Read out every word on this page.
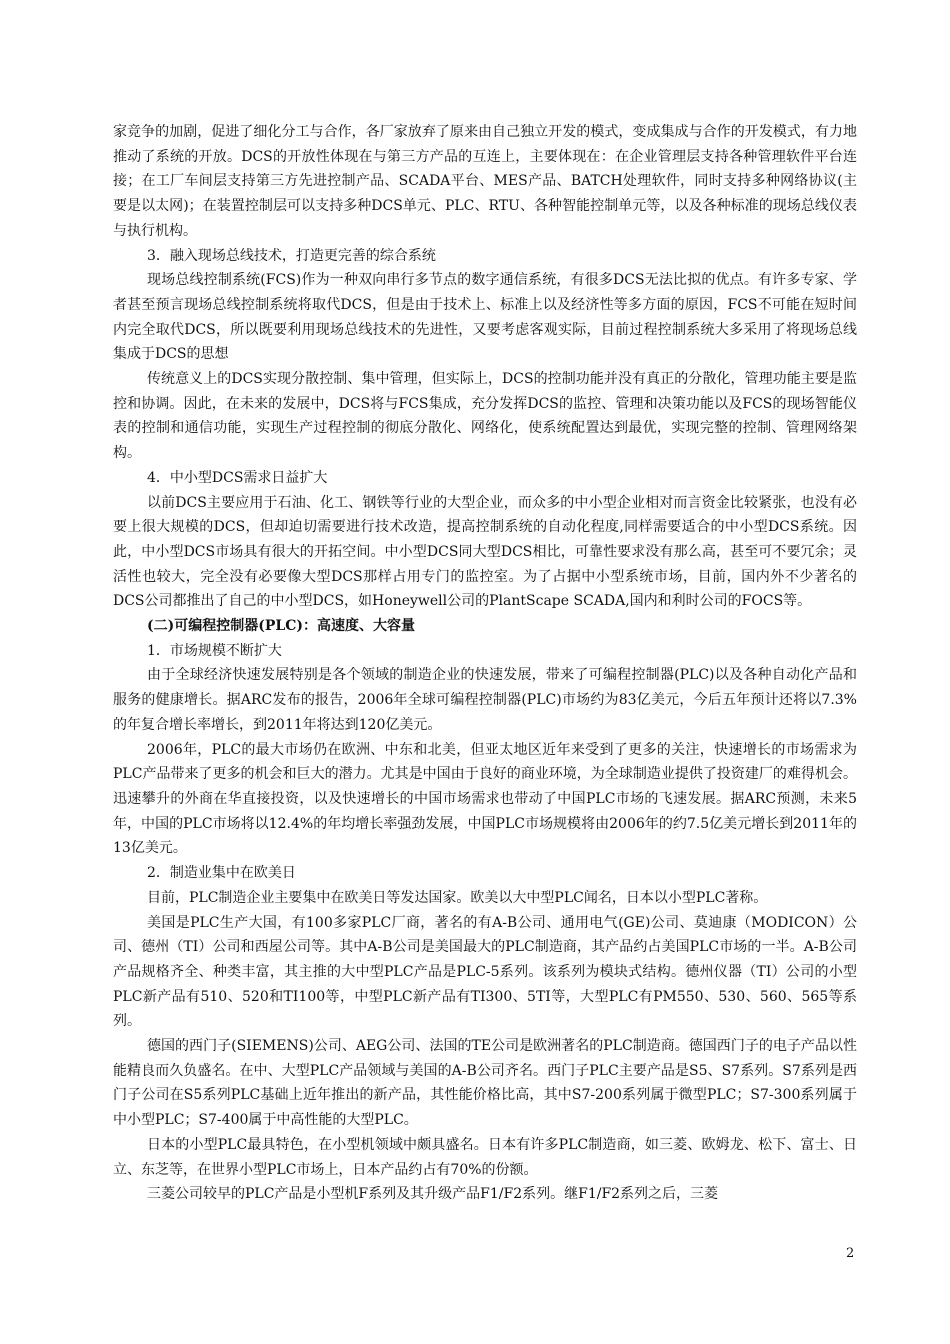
家竞争的加剧，促进了细化分工与合作，各厂家放弃了原来由自己独立开发的模式，变成集成与合作的开发模式，有力地推动了系统的开放。DCS的开放性体现在与第三方产品的互连上，主要体现在：在企业管理层支持各种管理软件平台连接；在工厂车间层支持第三方先进控制产品、SCADA平台、MES产品、BATCH处理软件，同时支持多种网络协议(主要是以太网)；在装置控制层可以支持多种DCS单元、PLC、RTU、各种智能控制单元等，以及各种标准的现场总线仪表与执行机构。

3．融入现场总线技术，打造更完善的综合系统

现场总线控制系统(FCS)作为一种双向串行多节点的数字通信系统，有很多DCS无法比拟的优点。有许多专家、学者甚至预言现场总线控制系统将取代DCS，但是由于技术上、标准上以及经济性等多方面的原因，FCS不可能在短时间内完全取代DCS，所以既要利用现场总线技术的先进性，又要考虑客观实际，目前过程控制系统大多采用了将现场总线集成于DCS的思想

传统意义上的DCS实现分散控制、集中管理，但实际上，DCS的控制功能并没有真正的分散化，管理功能主要是监控和协调。因此，在未来的发展中，DCS将与FCS集成，充分发挥DCS的监控、管理和决策功能以及FCS的现场智能仪表的控制和通信功能，实现生产过程控制的彻底分散化、网络化，使系统配置达到最优，实现完整的控制、管理网络架构。

4．中小型DCS需求日益扩大

以前DCS主要应用于石油、化工、钢铁等行业的大型企业，而众多的中小型企业相对而言资金比较紧张，也没有必要上很大规模的DCS，但却迫切需要进行技术改造，提高控制系统的自动化程度,同样需要适合的中小型DCS系统。因此，中小型DCS市场具有很大的开拓空间。中小型DCS同大型DCS相比，可靠性要求没有那么高，甚至可不要冗余；灵活性也较大，完全没有必要像大型DCS那样占用专门的监控室。为了占据中小型系统市场，目前，国内外不少著名的DCS公司都推出了自己的中小型DCS，如Honeywell公司的PlantScape SCADA,国内和利时公司的FOCS等。

(二)可编程控制器(PLC)：高速度、大容量

1．市场规模不断扩大

由于全球经济快速发展特别是各个领域的制造企业的快速发展，带来了可编程控制器(PLC)以及各种自动化产品和服务的健康增长。据ARC发布的报告，2006年全球可编程控制器(PLC)市场约为83亿美元，今后五年预计还将以7.3%的年复合增长率增长，到2011年将达到120亿美元。

2006年，PLC的最大市场仍在欧洲、中东和北美，但亚太地区近年来受到了更多的关注，快速增长的市场需求为PLC产品带来了更多的机会和巨大的潜力。尤其是中国由于良好的商业环境，为全球制造业提供了投资建厂的难得机会。迅速攀升的外商在华直接投资，以及快速增长的中国市场需求也带动了中国PLC市场的飞速发展。据ARC预测，未来5年，中国的PLC市场将以12.4%的年均增长率强劲发展，中国PLC市场规模将由2006年的约7.5亿美元增长到2011年的13亿美元。

2．制造业集中在欧美日

目前，PLC制造企业主要集中在欧美日等发达国家。欧美以大中型PLC闻名，日本以小型PLC著称。

美国是PLC生产大国，有100多家PLC厂商，著名的有A-B公司、通用电气(GE)公司、莫迪康（MODICON）公司、德州（TI）公司和西屋公司等。其中A-B公司是美国最大的PLC制造商，其产品约占美国PLC市场的一半。A-B公司产品规格齐全、种类丰富，其主推的大中型PLC产品是PLC-5系列。该系列为模块式结构。德州仪器（TI）公司的小型PLC新产品有510、520和TI100等，中型PLC新产品有TI300、5TI等，大型PLC有PM550、530、560、565等系列。

德国的西门子(SIEMENS)公司、AEG公司、法国的TE公司是欧洲著名的PLC制造商。德国西门子的电子产品以性能精良而久负盛名。在中、大型PLC产品领域与美国的A-B公司齐名。西门子PLC主要产品是S5、S7系列。S7系列是西门子公司在S5系列PLC基础上近年推出的新产品，其性能价格比高，其中S7-200系列属于微型PLC；S7-300系列属于中小型PLC；S7-400属于中高性能的大型PLC。

日本的小型PLC最具特色，在小型机领域中颇具盛名。日本有许多PLC制造商，如三菱、欧姆龙、松下、富士、日立、东芝等，在世界小型PLC市场上，日本产品约占有70%的份额。

三菱公司较早的PLC产品是小型机F系列及其升级产品F1/F2系列。继F1/F2系列之后，三菱

2
